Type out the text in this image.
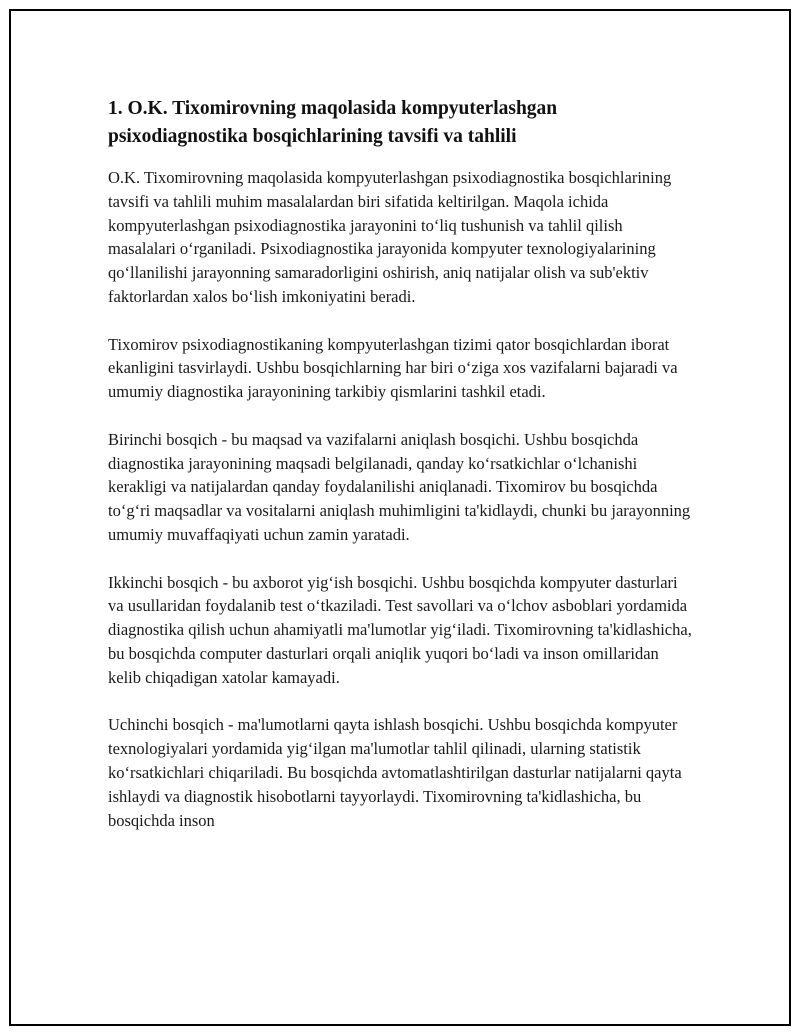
1. O.K. Tixomirovning maqolasida kompyuterlashgan psixodiagnostika bosqichlarining tavsifi va tahlili

O.K. Tixomirovning maqolasida kompyuterlashgan psixodiagnostika bosqichlarining tavsifi va tahlili muhim masalalardan biri sifatida keltirilgan. Maqola ichida kompyuterlashgan psixodiagnostika jarayonini to‘liq tushunish va tahlil qilish masalalari o‘rganiladi. Psixodiagnostika jarayonida kompyuter texnologiyalarining qo‘llanilishi jarayonning samaradorligini oshirish, aniq natijalar olish va sub'ektiv faktorlardan xalos bo‘lish imkoniyatini beradi.

Tixomirov psixodiagnostikaning kompyuterlashgan tizimi qator bosqichlardan iborat ekanligini tasvirlaydi. Ushbu bosqichlarning har biri o‘ziga xos vazifalarni bajaradi va umumiy diagnostika jarayonining tarkibiy qismlarini tashkil etadi.

Birinchi bosqich - bu maqsad va vazifalarni aniqlash bosqichi. Ushbu bosqichda diagnostika jarayonining maqsadi belgilanadi, qanday ko‘rsatkichlar o‘lchanishi kerakligi va natijalardan qanday foydalanilishi aniqlanadi. Tixomirov bu bosqichda to‘g‘ri maqsadlar va vositalarni aniqlash muhimligini ta'kidlaydi, chunki bu jarayonning umumiy muvaffaqiyati uchun zamin yaratadi.

Ikkinchi bosqich - bu axborot yig‘ish bosqichi. Ushbu bosqichda kompyuter dasturlari va usullaridan foydalanib test o‘tkaziladi. Test savollari va o‘lchov asboblari yordamida diagnostika qilish uchun ahamiyatli ma'lumotlar yig‘iladi. Tixomirovning ta'kidlashicha, bu bosqichda computer dasturlari orqali aniqlik yuqori bo‘ladi va inson omillaridan kelib chiqadigan xatolar kamayadi.

Uchinchi bosqich - ma'lumotlarni qayta ishlash bosqichi. Ushbu bosqichda kompyuter texnologiyalari yordamida yig‘ilgan ma'lumotlar tahlil qilinadi, ularning statistik ko‘rsatkichlari chiqariladi. Bu bosqichda avtomatlashtirilgan dasturlar natijalarni qayta ishlaydi va diagnostik hisobotlarni tayyorlaydi. Tixomirovning ta'kidlashicha, bu bosqichda inson
